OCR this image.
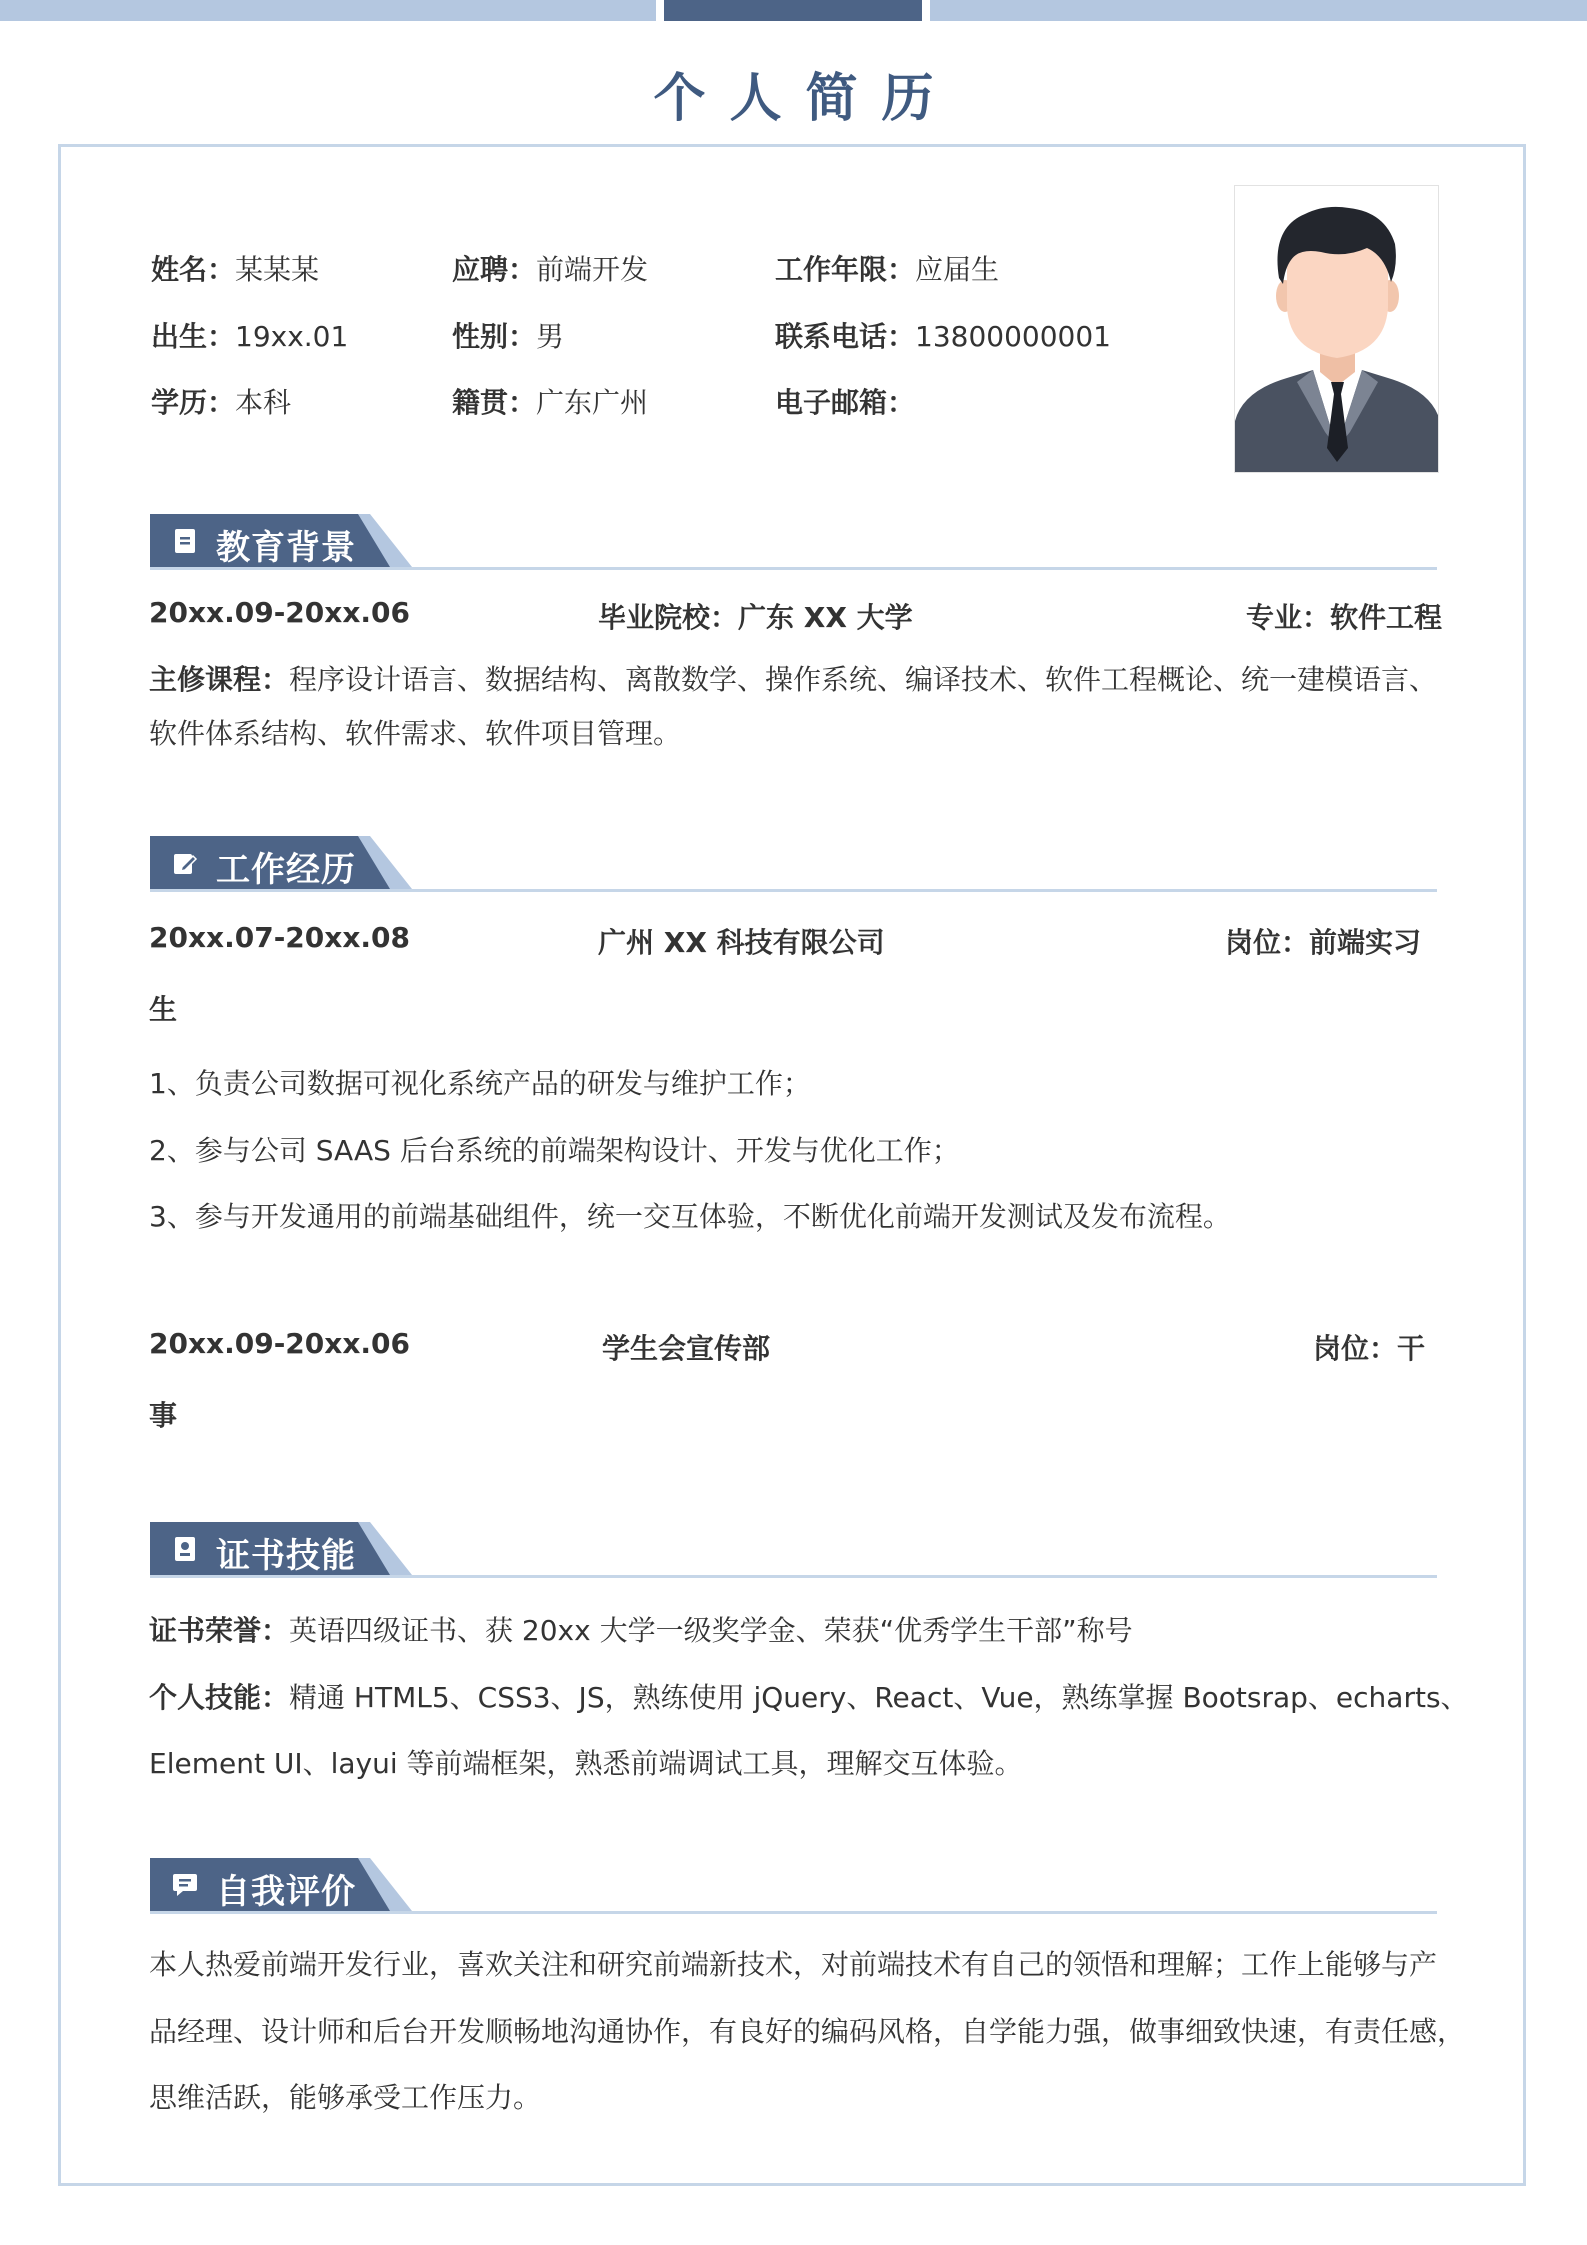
个人简历
姓名：某某某	应聘：前端开发	工作年限：应届生
出生：19xx.01	性别：男	联系电话：13800000001
学历：本科	籍贯：广东广州	电子邮箱：
教育背景
20xx.09-20xx.06	毕业院校：广东 XX 大学	专业：软件工程
主修课程：程序设计语言、数据结构、离散数学、操作系统、编译技术、软件工程概论、统一建模语言、
软件体系结构、软件需求、软件项目管理。
工作经历
20xx.07-20xx.08	广州 XX 科技有限公司	岗位：前端实习
生
1、负责公司数据可视化系统产品的研发与维护工作；
2、参与公司 SAAS 后台系统的前端架构设计、开发与优化工作；
3、参与开发通用的前端基础组件，统一交互体验，不断优化前端开发测试及发布流程。
20xx.09-20xx.06	学生会宣传部	岗位：干
事
证书技能
证书荣誉：英语四级证书、获 20xx 大学一级奖学金、荣获“优秀学生干部”称号
个人技能：精通 HTML5、CSS3、JS，熟练使用 jQuery、React、Vue，熟练掌握 Bootsrap、echarts、
Element UI、layui 等前端框架，熟悉前端调试工具，理解交互体验。
自我评价
本人热爱前端开发行业，喜欢关注和研究前端新技术，对前端技术有自己的领悟和理解；工作上能够与产
品经理、设计师和后台开发顺畅地沟通协作，有良好的编码风格，自学能力强，做事细致快速，有责任感，
思维活跃，能够承受工作压力。
